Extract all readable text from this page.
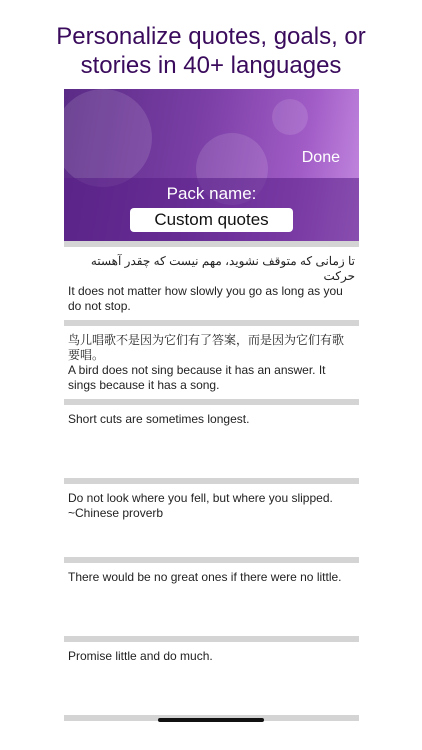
Personalize quotes, goals, or
stories in 40+ languages
Done
Pack name:
Custom quotes
تا زمانی که متوقف نشوید، مهم نیست که چقدر آهسته حرکت
It does not matter how slowly you go as long as you do not stop.
鸟儿唱歌不是因为它们有了答案，而是因为它们有歌要唱。
A bird does not sing because it has an answer. It sings because it has a song.
Short cuts are sometimes longest.
Do not look where you fell, but where you slipped. ~Chinese proverb
There would be no great ones if there were no little.
Promise little and do much.
